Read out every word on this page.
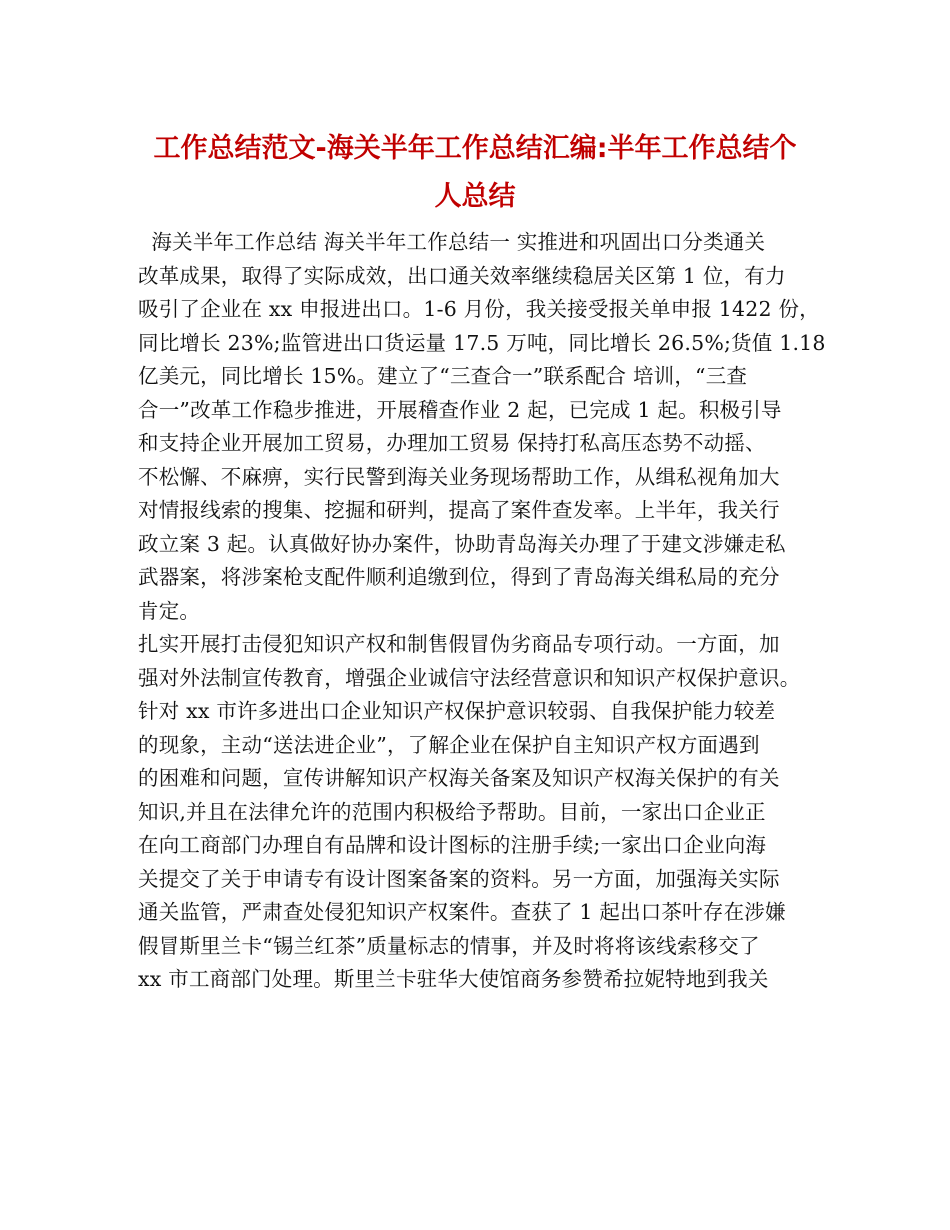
工作总结范文-海关半年工作总结汇编:半年工作总结个
人总结
海关半年工作总结 海关半年工作总结一 实推进和巩固出口分类通关
改革成果，取得了实际成效，出口通关效率继续稳居关区第 1 位，有力
吸引了企业在 xx 申报进出口。1-6 月份，我关接受报关单申报 1422 份，
同比增长 23%;监管进出口货运量 17.5 万吨，同比增长 26.5%;货值 1.18
亿美元，同比增长 15%。建立了“三查合一”联系配合 培训，“三查
合一”改革工作稳步推进，开展稽查作业 2 起，已完成 1 起。积极引导
和支持企业开展加工贸易，办理加工贸易 保持打私高压态势不动摇、
不松懈、不麻痹，实行民警到海关业务现场帮助工作，从缉私视角加大
对情报线索的搜集、挖掘和研判，提高了案件查发率。上半年，我关行
政立案 3 起。认真做好协办案件，协助青岛海关办理了于建文涉嫌走私
武器案，将涉案枪支配件顺利追缴到位，得到了青岛海关缉私局的充分
肯定。
扎实开展打击侵犯知识产权和制售假冒伪劣商品专项行动。一方面，加
强对外法制宣传教育，增强企业诚信守法经营意识和知识产权保护意识。
针对 xx 市许多进出口企业知识产权保护意识较弱、自我保护能力较差
的现象，主动“送法进企业”，了解企业在保护自主知识产权方面遇到
的困难和问题，宣传讲解知识产权海关备案及知识产权海关保护的有关
知识,并且在法律允许的范围内积极给予帮助。目前，一家出口企业正
在向工商部门办理自有品牌和设计图标的注册手续;一家出口企业向海
关提交了关于申请专有设计图案备案的资料。另一方面，加强海关实际
通关监管，严肃查处侵犯知识产权案件。查获了 1 起出口茶叶存在涉嫌
假冒斯里兰卡“锡兰红茶”质量标志的情事，并及时将将该线索移交了
xx 市工商部门处理。斯里兰卡驻华大使馆商务参赞希拉妮特地到我关
